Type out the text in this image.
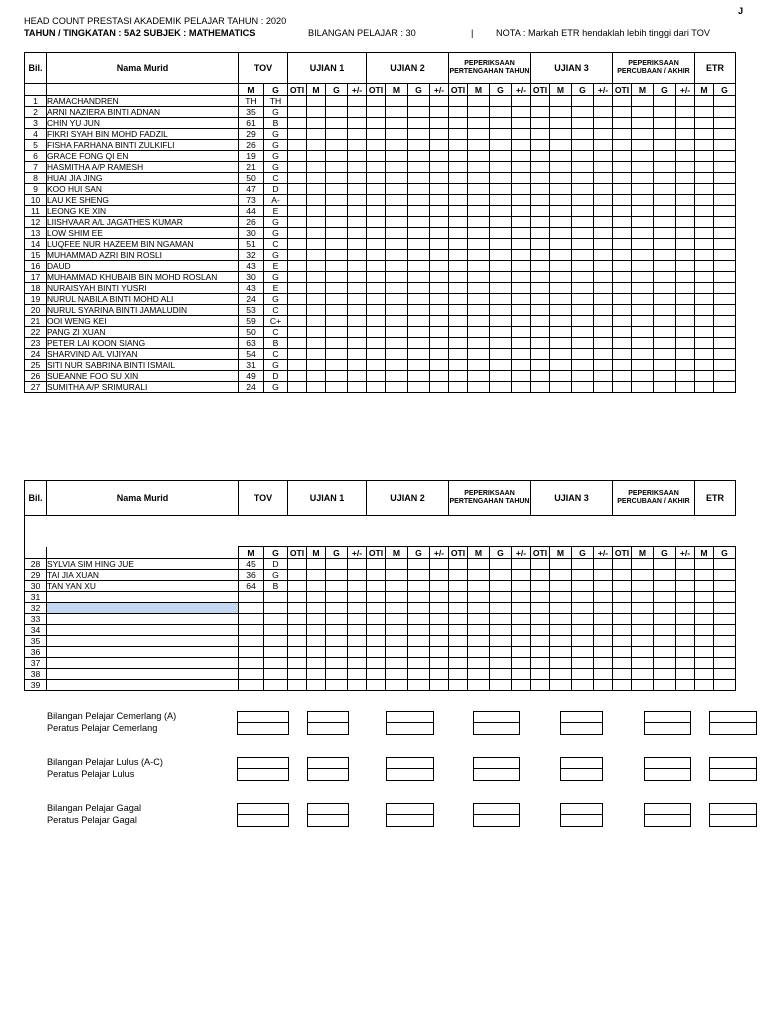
J
HEAD COUNT PRESTASI AKADEMIK PELAJAR TAHUN : 2020
TAHUN / TINGKATAN : 5A2 SUBJEK : MATHEMATICS	BILANGAN PELAJAR : 30	| NOTA : Markah ETR hendaklah lebih tinggi dari TOV
Bil.	Nama Murid	TOV		UJIAN 1				UJIAN 2				PEPERIKSAAN PERTENGAHAN TAHUN				UJIAN 3				PEPERIKSAAN PERCUBAAN / AKHIR				ETR	
		M	G	OTI	M	G	+/-	OTI	M	G	+/-	OTI	M	G	+/-	OTI	M	G	+/-	OTI	M	G	+/-	M	G
1	RAMACHANDREN	TH	TH																						
2	ARNI NAZIERA BINTI ADNAN	35	G																						
3	CHIN YU JUN	61	B																						
4	FIKRI SYAH BIN MOHD FADZIL	29	G																						
5	FISHA FARHANA BINTI ZULKIFLI	26	G																						
6	GRACE FONG QI EN	19	G																						
7	HASMITHA A/P RAMESH	21	G																						
8	HUAI JIA JING	50	C																						
9	KOO HUI SAN	47	D																						
10	LAU KE SHENG	73	A-																						
11	LEONG KE XIN	44	E																						
12	LIISHVAAR A/L JAGATHES KUMAR	26	G																						
13	LOW SHIM EE	30	G																						
14	LUQFEE NUR HAZEEM BIN NGAMAN	51	C																						
15	MUHAMMAD AZRI BIN ROSLI	32	G																						
16	DAUD	43	E																						
17	MUHAMMAD KHUBAIB BIN MOHD ROSLAN	30	G																						
18	NURAISYAH BINTI YUSRI	43	E																						
19	NURUL NABILA BINTI MOHD ALI	24	G																						
20	NURUL SYARINA BINTI JAMALUDIN	53	C																						
21	OOI WENG KEI	59	C+																						
22	PANG ZI XUAN	50	C																						
23	PETER LAI KOON SIANG	63	B																						
24	SHARVIND A/L VIJIYAN	54	C																						
25	SITI NUR SABRINA BINTI ISMAIL	31	G																						
26	SUEANNE FOO SU XIN	49	D																						
27	SUMITHA A/P SRIMURALI	24	G																						
Bil.	Nama Murid	TOV		UJIAN 1				UJIAN 2				PEPERIKSAAN PERTENGAHAN TAHUN				UJIAN 3				PEPERIKSAAN PERCUBAAN / AKHIR				ETR	

		M	G	OTI	M	G	+/-	OTI	M	G	+/-	OTI	M	G	+/-	OTI	M	G	+/-	OTI	M	G	+/-	M	G
28	SYLVIA SIM HING JUE	45	D																						
29	TAI JIA XUAN	36	G																						
30	TAN YAN XU	64	B																						
31																									
32																									
33																									
34																									
35																									
36																									
37																									
38																									
39																									
Bilangan Pelajar Cemerlang (A)
Peratus Pelajar Cemerlang
Bilangan Pelajar Lulus (A-C)
Peratus Pelajar Lulus
Bilangan Pelajar Gagal
Peratus Pelajar Gagal
